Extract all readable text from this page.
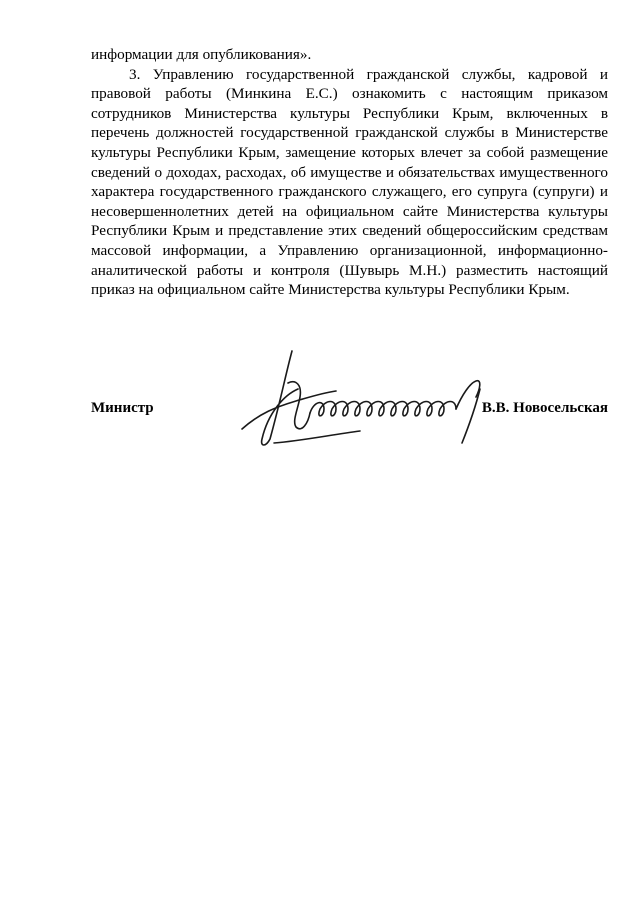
информации для опубликования».

3. Управлению государственной гражданской службы, кадровой и правовой работы (Минкина Е.С.) ознакомить с настоящим приказом сотрудников Министерства культуры Республики Крым, включенных в перечень должностей государственной гражданской службы в Министерстве культуры Республики Крым, замещение которых влечет за собой размещение сведений о доходах, расходах, об имуществе и обязательствах имущественного характера государственного гражданского служащего, его супруга (супруги) и несовершеннолетних детей на официальном сайте Министерства культуры Республики Крым и представление этих сведений общероссийским средствам массовой информации, а Управлению организационной, информационно-аналитической работы и контроля (Шувырь М.Н.) разместить настоящий приказ на официальном сайте Министерства культуры Республики Крым.

Министр	В.В. Новосельская
